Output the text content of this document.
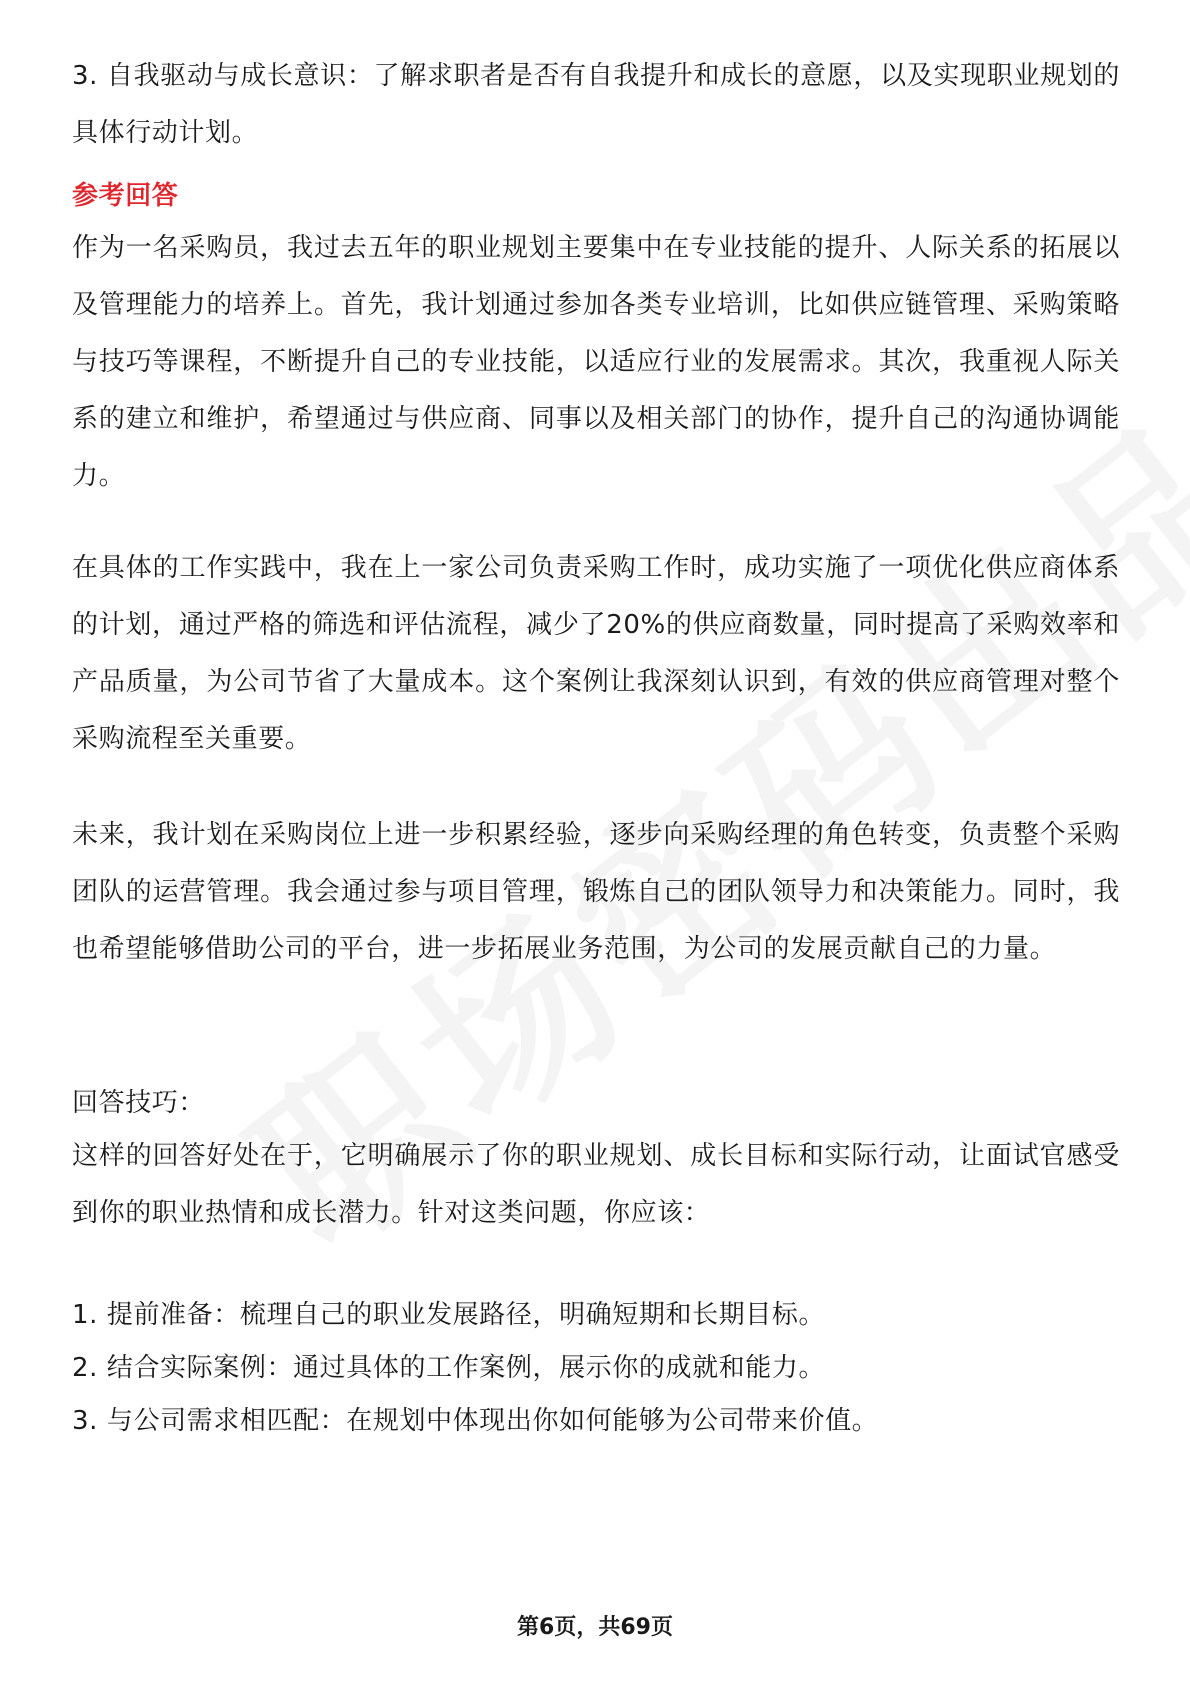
3. 自我驱动与成长意识：了解求职者是否有自我提升和成长的意愿，以及实现职业规划的具体行动计划。

参考回答

作为一名采购员，我过去五年的职业规划主要集中在专业技能的提升、人际关系的拓展以及管理能力的培养上。首先，我计划通过参加各类专业培训，比如供应链管理、采购策略与技巧等课程，不断提升自己的专业技能，以适应行业的发展需求。其次，我重视人际关系的建立和维护，希望通过与供应商、同事以及相关部门的协作，提升自己的沟通协调能力。

在具体的工作实践中，我在上一家公司负责采购工作时，成功实施了一项优化供应商体系的计划，通过严格的筛选和评估流程，减少了20%的供应商数量，同时提高了采购效率和产品质量，为公司节省了大量成本。这个案例让我深刻认识到，有效的供应商管理对整个采购流程至关重要。

未来，我计划在采购岗位上进一步积累经验，逐步向采购经理的角色转变，负责整个采购团队的运营管理。我会通过参与项目管理，锻炼自己的团队领导力和决策能力。同时，我也希望能够借助公司的平台，进一步拓展业务范围，为公司的发展贡献自己的力量。

回答技巧：

这样的回答好处在于，它明确展示了你的职业规划、成长目标和实际行动，让面试官感受到你的职业热情和成长潜力。针对这类问题，你应该：

1. 提前准备：梳理自己的职业发展路径，明确短期和长期目标。

2. 结合实际案例：通过具体的工作案例，展示你的成就和能力。

3. 与公司需求相匹配：在规划中体现出你如何能够为公司带来价值。

第6页，共69页
